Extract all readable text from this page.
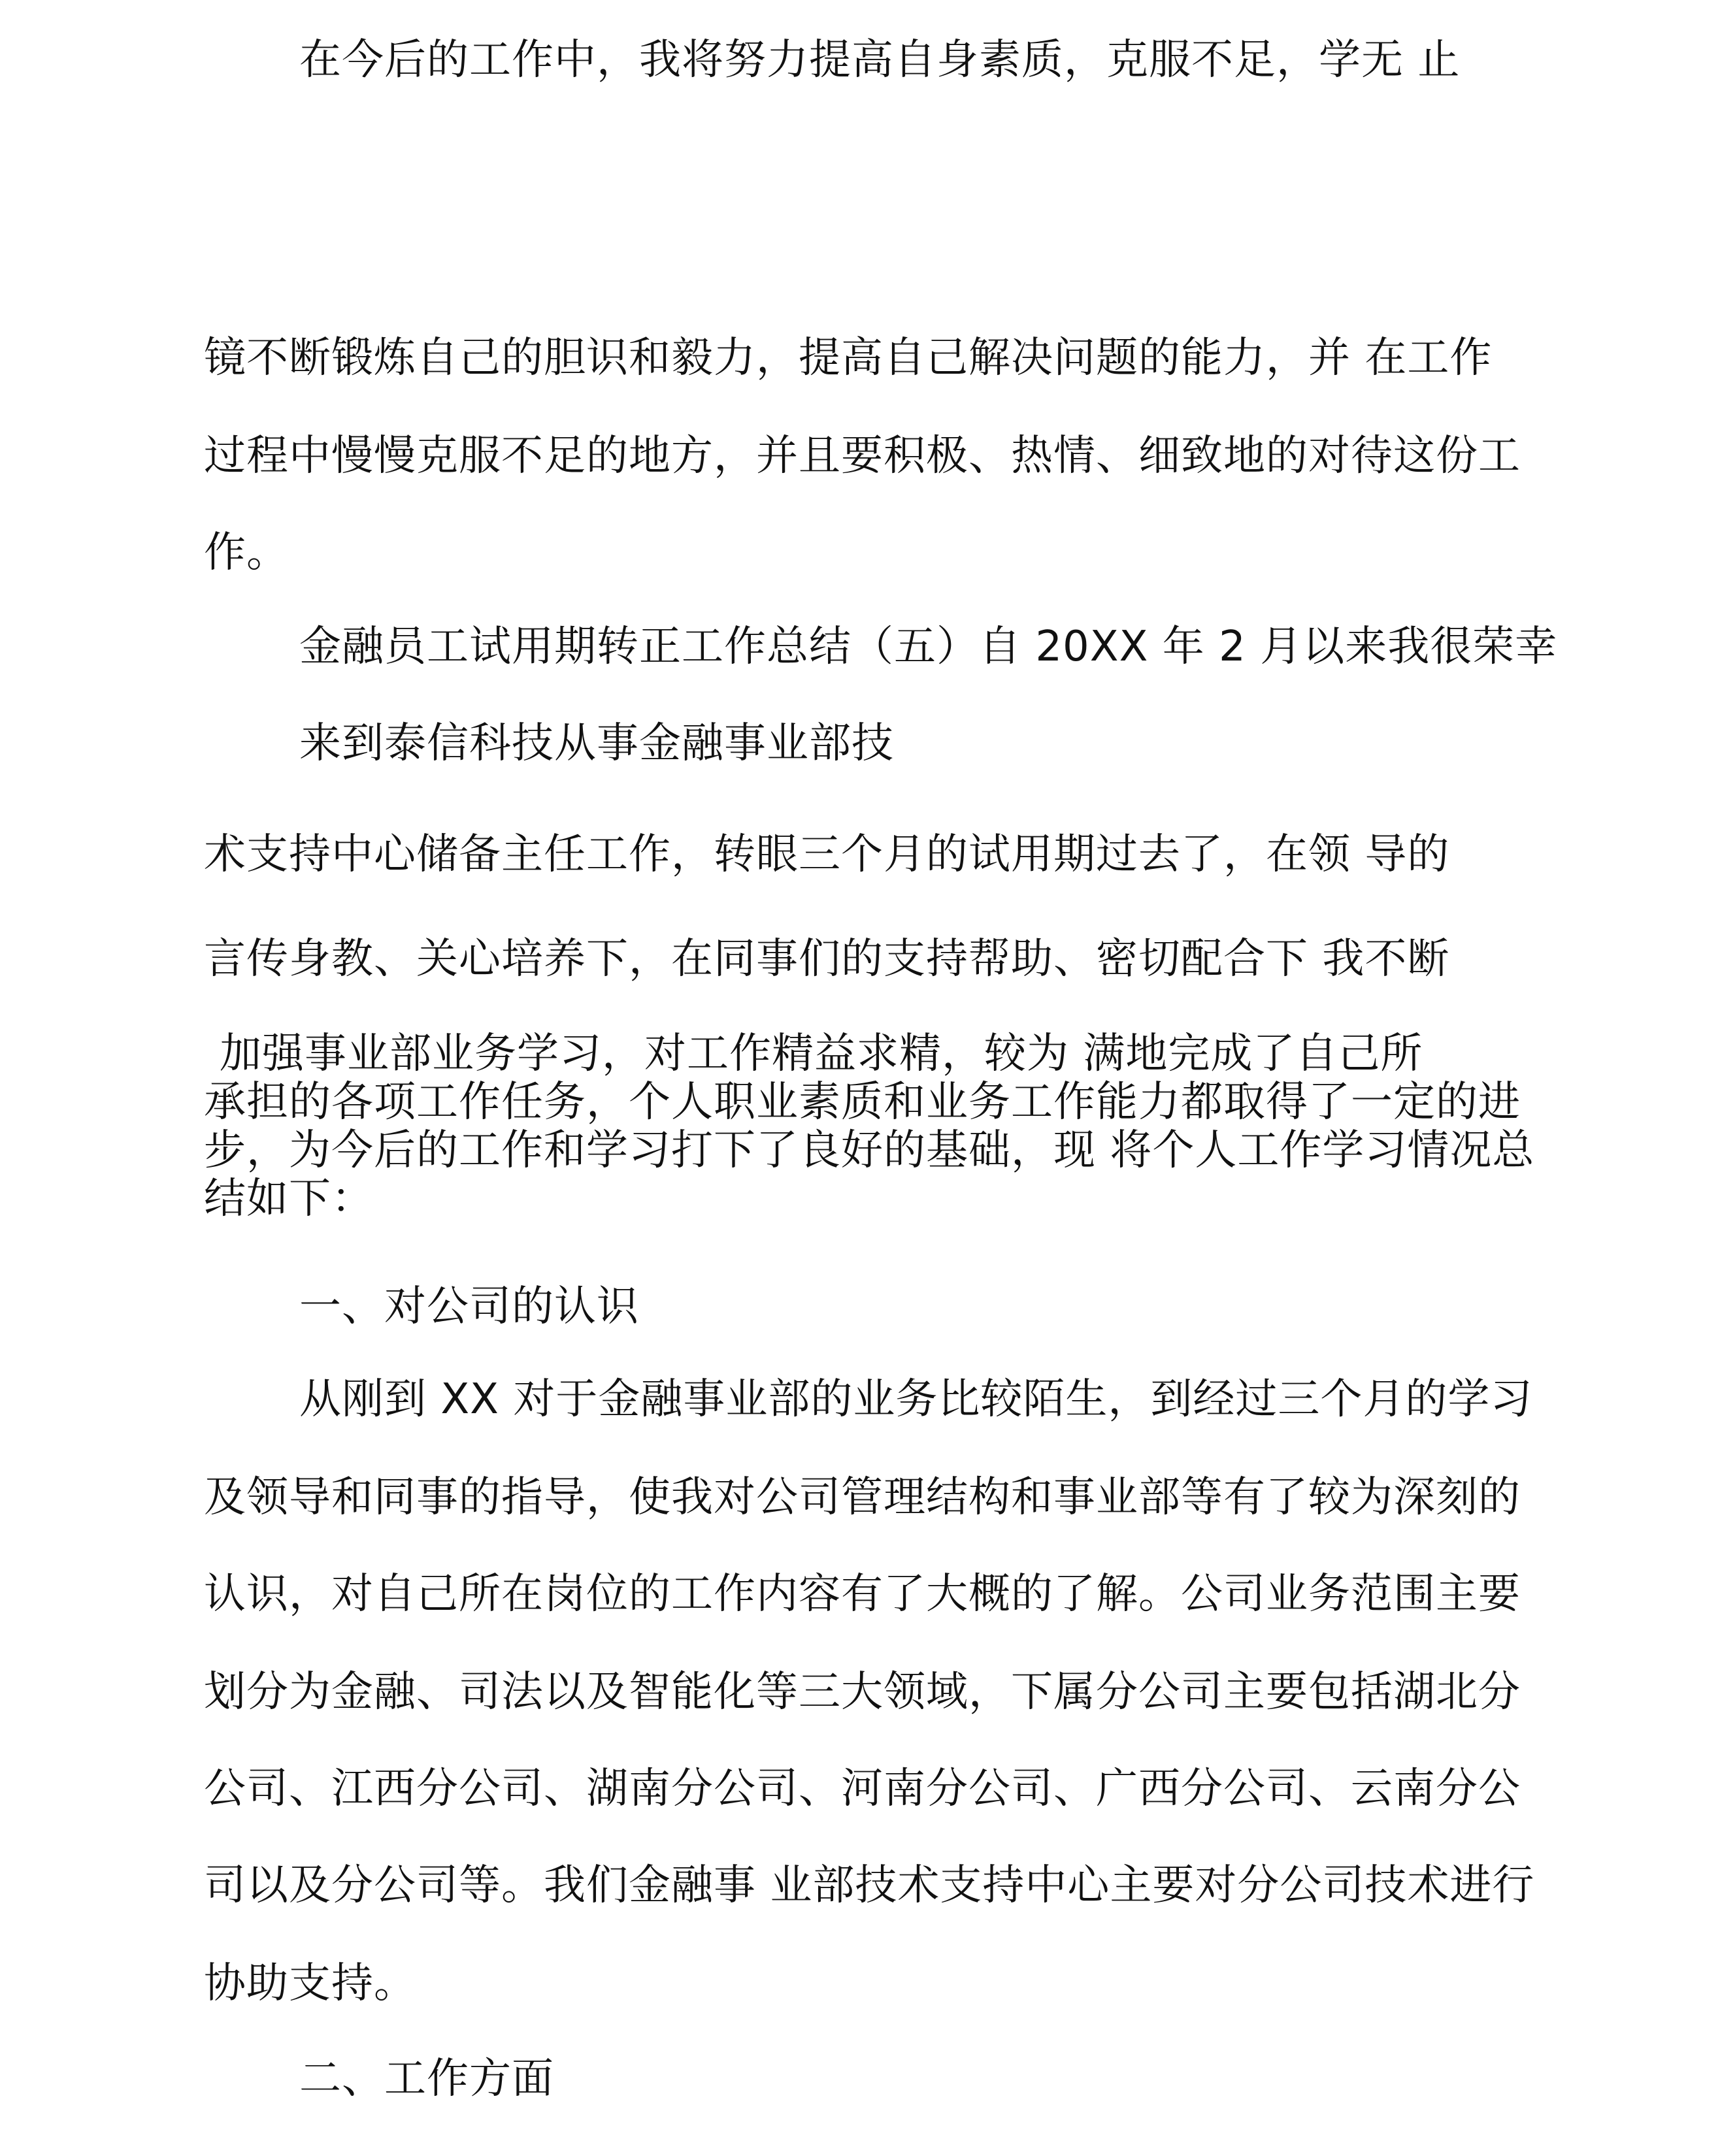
在今后的工作中，我将努力提高自身素质，克服不足，学无 止
镜不断锻炼自己的胆识和毅力，提高自己解决问题的能力，并 在工作
过程中慢慢克服不足的地方，并且要积极、热情、细致地的对待这份工
作。
金融员工试用期转正工作总结（五）自 20XX 年 2 月以来我很荣幸
来到泰信科技从事金融事业部技
术支持中心储备主任工作，转眼三个月的试用期过去了，在领 导的
言传身教、关心培养下，在同事们的支持帮助、密切配合下 我不断
加强事业部业务学习，对工作精益求精，较为 满地完成了自己所
承担的各项工作任务，个人职业素质和业务工作能力都取得了一定的进
步，为今后的工作和学习打下了良好的基础，现 将个人工作学习情况总
结如下：
一、对公司的认识
从刚到 XX 对于金融事业部的业务比较陌生，到经过三个月的学习
及领导和同事的指导，使我对公司管理结构和事业部等有了较为深刻的
认识，对自己所在岗位的工作内容有了大概的了解。公司业务范围主要
划分为金融、司法以及智能化等三大领域，下属分公司主要包括湖北分
公司、江西分公司、湖南分公司、河南分公司、广西分公司、云南分公
司以及分公司等。我们金融事 业部技术支持中心主要对分公司技术进行
协助支持。
二、工作方面
